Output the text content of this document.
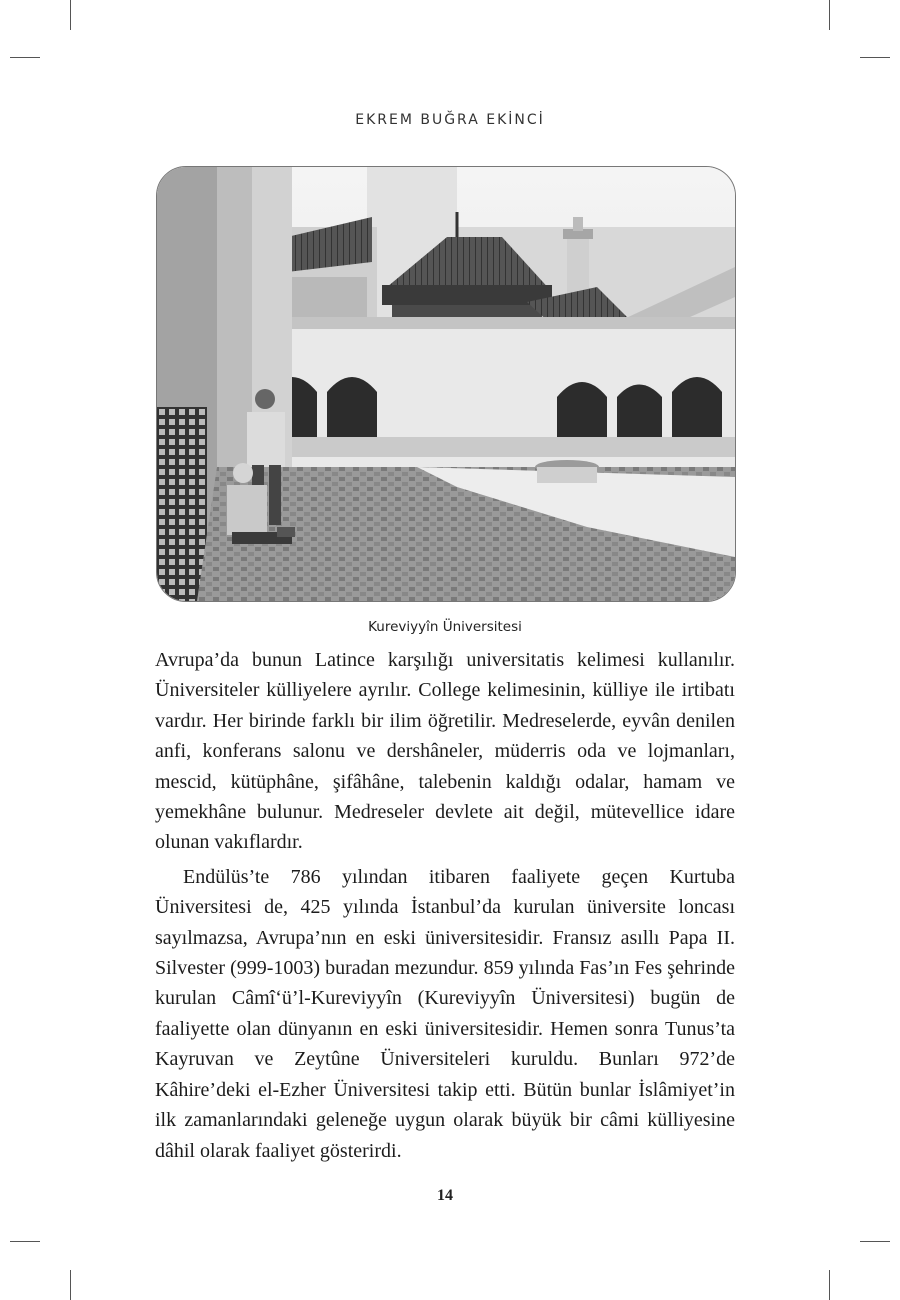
EKREM BUĞRA EKİNCİ
Kureviyyîn Üniversitesi

Avrupa’da bunun Latince karşılığı universitatis kelimesi kullanılır. Üniversiteler külliyelere ayrılır. College kelimesinin, külliye ile irtibatı vardır. Her birinde farklı bir ilim öğretilir. Medreselerde, eyvân denilen anfi, konferans salonu ve dershâneler, müderris oda ve lojmanları, mescid, kütüphâne, şifâhâne, talebenin kaldığı odalar, hamam ve yemekhâne bulunur. Medreseler devlete ait değil, mütevellice idare olunan vakıflardır.

Endülüs’te 786 yılından itibaren faaliyete geçen Kurtuba Üniversitesi de, 425 yılında İstanbul’da kurulan üniversite loncası sayılmazsa, Avrupa’nın en eski üniversitesidir. Fransız asıllı Papa II. Silvester (999-1003) buradan mezundur. 859 yılında Fas’ın Fes şehrinde kurulan Câmî‘ü’l-Kureviyyîn (Kureviyyîn Üniversitesi) bugün de faaliyette olan dünyanın en eski üniversitesidir. Hemen sonra Tunus’ta Kayruvan ve Zeytûne Üniversiteleri kuruldu. Bunları 972’de Kâhire’deki el-Ezher Üniversitesi takip etti. Bütün bunlar İslâmiyet’in ilk zamanlarındaki geleneğe uygun olarak büyük bir câmi külliyesine dâhil olarak faaliyet gösterirdi.

14
